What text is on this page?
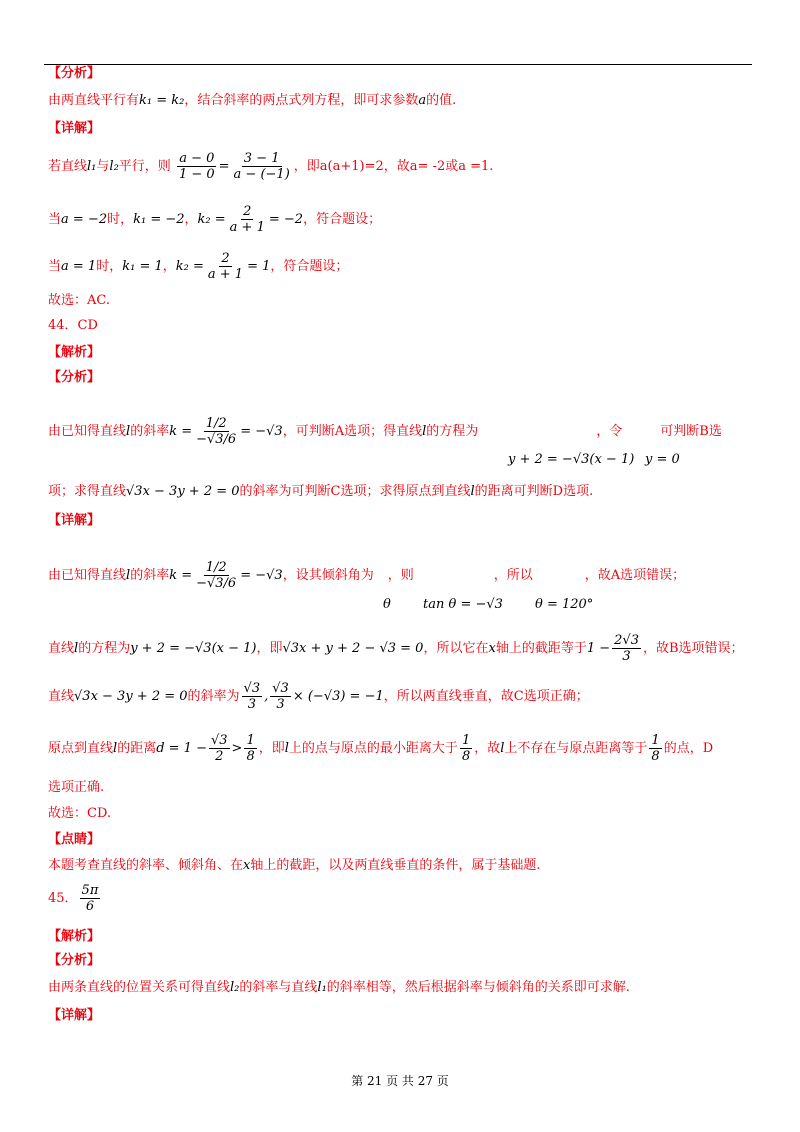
【分析】
由两直线平行有k₁ = k₂，结合斜率的两点式列方程，即可求参数a的值.
【详解】
若直线l₁与l₂平行，则 $\frac{a - 0}{1 - 0} = \frac{3 - 1}{a - (-1)}$ ，即a(a+1)=2，故a= -2或a =1.
当a = −2时，k₁ = −2，$k_2 = \frac{2}{a + 1} = -2$，符合题设；
当a = 1时，k₁ = 1，$k_2 = \frac{2}{a + 1} = 1$，符合题设；
故选：AC.
44．CD
【解析】
【分析】
由已知得直线l的斜率$k = \frac{1/2}{-√3/6} = -√3$，可判断A选项；得直线l的方程为	，令	可判断B选
y + 2 = −√3(x − 1) y = 0
项；求得直线√3x − 3y + 2 = 0的斜率为可判断C选项；求得原点到直线l的距离可判断D选项.
【详解】
由已知得直线l的斜率$k = \frac{1/2}{-√3/6} = -√3$，设其倾斜角为 ，则	，所以	，故A选项错误；
θ tan θ = −√3 θ = 120°
直线l的方程为y + 2 = −√3(x − 1)，即√3x + y + 2 − √3 = 0，所以它在x轴上的截距等于$1 - \frac{2√3}{3}$ ，故B选项错误；
直线√3x − 3y + 2 = 0的斜率为 $\frac{√3}{3}$ , $\frac{√3}{3} \times (-√3) = -1$，所以两直线垂直，故C选项正确；
原点到直线l的距离$d = 1 - \frac{√3}{2} > \frac{1}{8}$ ，即l上的点与原点的最小距离大于 $\frac{1}{8}$ ，故l上不存在与原点距离等于 $\frac{1}{8}$ 的点，D
选项正确.
故选：CD.
【点睛】
本题考查直线的斜率、倾斜角、在x轴上的截距，以及两直线垂直的条件，属于基础题.
45． $\frac{5\pi}{6}$
【解析】
【分析】
由两条直线的位置关系可得直线l₂的斜率与直线l₁的斜率相等，然后根据斜率与倾斜角的关系即可求解.
【详解】
第 21 页 共 27 页
